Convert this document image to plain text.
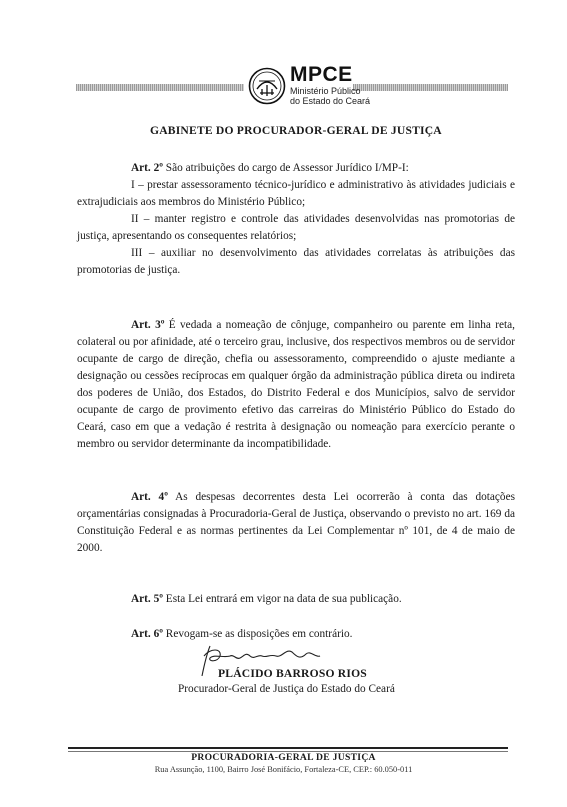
MPCE
Ministério Público
do Estado do Ceará
GABINETE DO PROCURADOR-GERAL DE JUSTIÇA

Art. 2º São atribuições do cargo de Assessor Jurídico I/MP-I:

I – prestar assessoramento técnico-jurídico e administrativo às atividades judiciais e extrajudiciais aos membros do Ministério Público;

II – manter registro e controle das atividades desenvolvidas nas promotorias de justiça, apresentando os consequentes relatórios;

III – auxiliar no desenvolvimento das atividades correlatas às atribuições das promotorias de justiça.

Art. 3º É vedada a nomeação de cônjuge, companheiro ou parente em linha reta, colateral ou por afinidade, até o terceiro grau, inclusive, dos respectivos membros ou de servidor ocupante de cargo de direção, chefia ou assessoramento, compreendido o ajuste mediante a designação ou cessões recíprocas em qualquer órgão da administração pública direta ou indireta dos poderes de União, dos Estados, do Distrito Federal e dos Municípios, salvo de servidor ocupante de cargo de provimento efetivo das carreiras do Ministério Público do Estado do Ceará, caso em que a vedação é restrita à designação ou nomeação para exercício perante o membro ou servidor determinante da incompatibilidade.

Art. 4º As despesas decorrentes desta Lei ocorrerão à conta das dotações orçamentárias consignadas à Procuradoria-Geral de Justiça, observando o previsto no art. 169 da Constituição Federal e as normas pertinentes da Lei Complementar nº 101, de 4 de maio de 2000.

Art. 5º Esta Lei entrará em vigor na data de sua publicação.
Art. 6º Revogam-se as disposições em contrário.
PLÁCIDO BARROSO RIOS
Procurador-Geral de Justiça do Estado do Ceará
PROCURADORIA-GERAL DE JUSTIÇA
Rua Assunção, 1100, Bairro José Bonifácio, Fortaleza-CE, CEP.: 60.050-011
